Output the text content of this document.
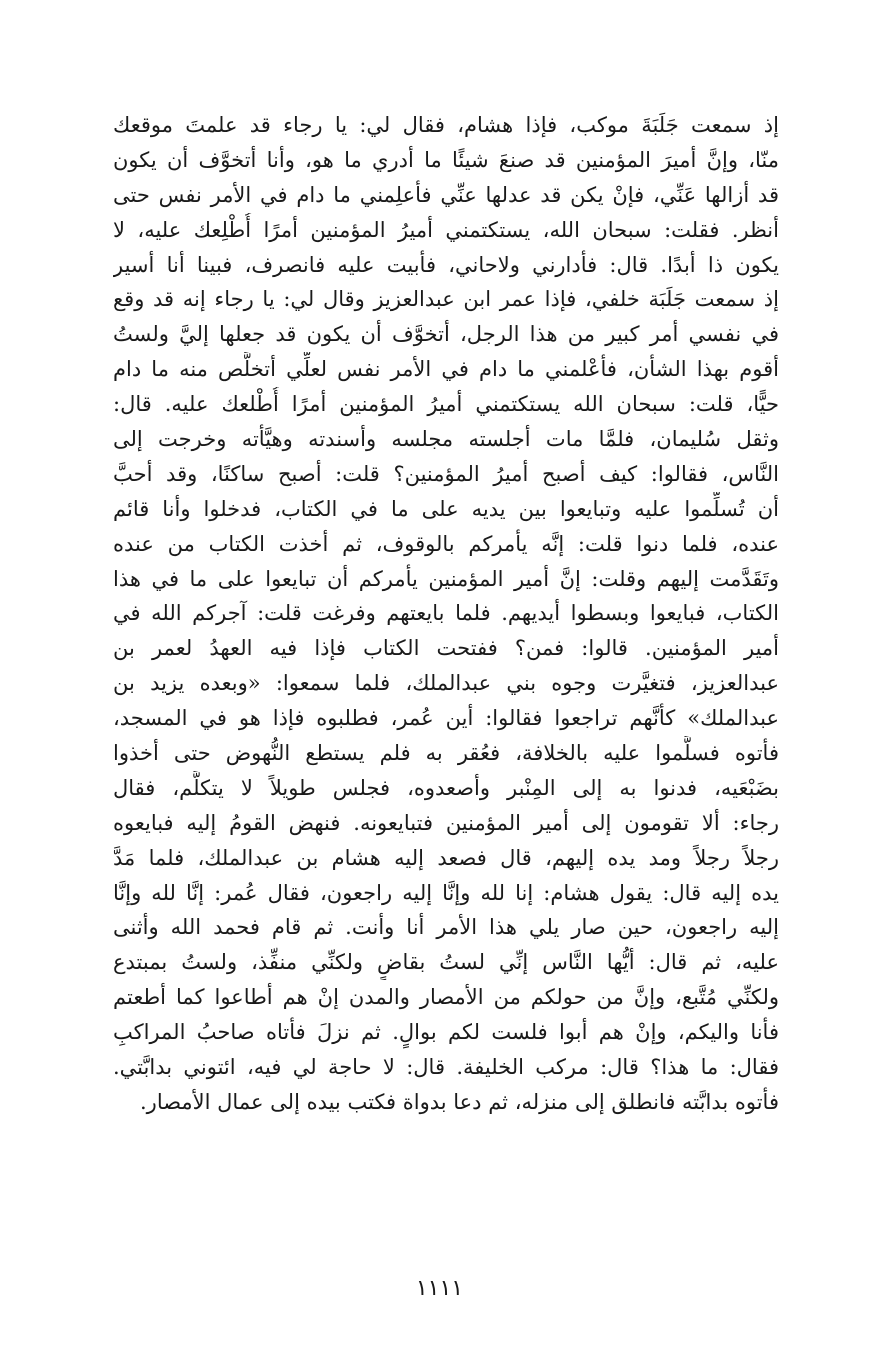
إذ سمعت جَلَبَةَ موكب، فإذا هشام، فقال لي: يا رجاء قد علمتَ موقعك
منّا، وإنَّ أميرَ المؤمنين قد صنعَ شيئًا ما أدري ما هو، وأنا أتخوَّف أن يكون
قد أزالها عَنِّي، فإنْ يكن قد عدلها عنِّي فأعلِمني ما دام في الأمر نفس حتى
أنظر. فقلت: سبحان الله، يستكتمني أميرُ المؤمنين أمرًا أُطْلِعك عليه، لا
يكون ذا أبدًا. قال: فأدارني ولاحاني، فأبيت عليه فانصرف، فبينا أنا أسير
إذ سمعت جَلَبَة خلفي، فإذا عمر ابن عبدالعزيز وقال لي: يا رجاء إنه قد وقع
في نفسي أمر كبير من هذا الرجل، أتخوَّف أن يكون قد جعلها إليَّ ولستُ
أقوم بهذا الشأن، فأعْلمني ما دام في الأمر نفس لعلِّي أتخلَّص منه ما دام
حيًّا، قلت: سبحان الله يستكتمني أميرُ المؤمنين أمرًا أُطْلعك عليه. قال:
وثقل سُليمان، فلمَّا مات أجلسته مجلسه وأسندته وهيَّأته وخرجت إلى
النَّاس، فقالوا: كيف أصبح أميرُ المؤمنين؟ قلت: أصبح ساكنًا، وقد أحبَّ
أن تُسلِّموا عليه وتبايعوا بين يديه على ما في الكتاب، فدخلوا وأنا قائم
عنده، فلما دنوا قلت: إنَّه يأمركم بالوقوف، ثم أخذت الكتاب من عنده
وتَقَدَّمت إليهم وقلت: إنَّ أمير المؤمنين يأمركم أن تبايعوا على ما في هذا
الكتاب، فبايعوا وبسطوا أيديهم. فلما بايعتهم وفرغت قلت: آجركم الله في
أمير المؤمنين. قالوا: فمن؟ ففتحت الكتاب فإذا فيه العهدُ لعمر بن
عبدالعزيز، فتغيَّرت وجوه بني عبدالملك، فلما سمعوا: «وبعده يزيد بن
عبدالملك» كأنَّهم تراجعوا فقالوا: أين عُمر، فطلبوه فإذا هو في المسجد،
فأتوه فسلَّموا عليه بالخلافة، فعُقر به فلم يستطع النُّهوض حتى أخذوا
بضَبْعَيه، فدنوا به إلى المِنْبر وأصعدوه، فجلس طويلاً لا يتكلَّم، فقال
رجاء: ألا تقومون إلى أمير المؤمنين فتبايعونه. فنهض القومُ إليه فبايعوه
رجلاً رجلاً ومد يده إليهم، قال فصعد إليه هشام بن عبدالملك، فلما مَدَّ
يده إليه قال: يقول هشام: إنا لله وإنَّا إليه راجعون، فقال عُمر: إنَّا لله وإنَّا
إليه راجعون، حين صار يلي هذا الأمر أنا وأنت. ثم قام فحمد الله وأثنى
عليه، ثم قال: أيُّها النَّاس إنِّي لستُ بقاضٍ ولكنِّي منفِّذ، ولستُ بمبتدع
ولكنِّي مُتَّبع، وإنَّ من حولكم من الأمصار والمدن إنْ هم أطاعوا كما أطعتم
فأنا واليكم، وإنْ هم أبوا فلست لكم بوالٍ. ثم نزلَ فأتاه صاحبُ المراكبِ
فقال: ما هذا؟ قال: مركب الخليفة. قال: لا حاجة لي فيه، ائتوني بدابَّتي.
فأتوه بدابَّته فانطلق إلى منزله، ثم دعا بدواة فكتب بيده إلى عمال الأمصار.
١١١١
